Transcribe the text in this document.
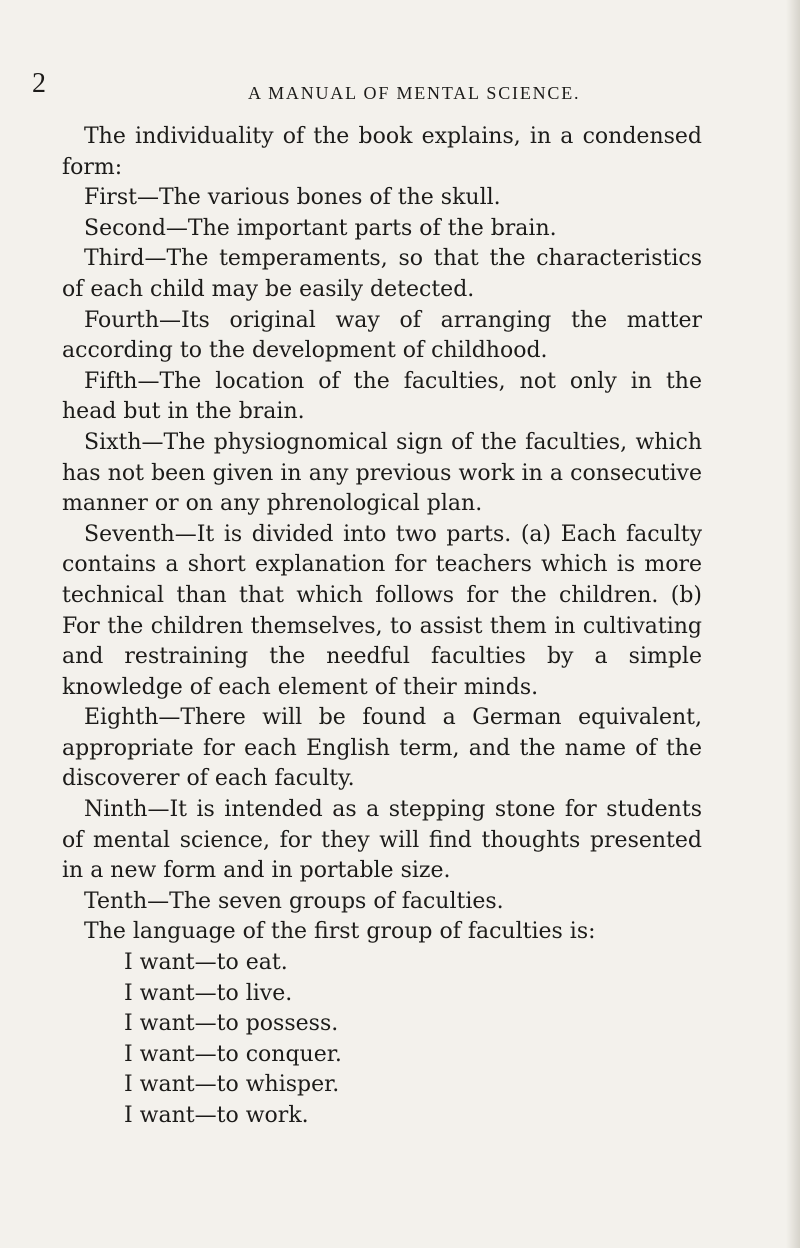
2	A MANUAL OF MENTAL SCIENCE.

The individuality of the book explains, in a condensed form:

First—The various bones of the skull.

Second—The important parts of the brain.

Third—The temperaments, so that the characteristics of each child may be easily detected.

Fourth—Its original way of arranging the matter according to the development of childhood.

Fifth—The location of the faculties, not only in the head but in the brain.

Sixth—The physiognomical sign of the faculties, which has not been given in any previous work in a consecutive manner or on any phrenological plan.

Seventh—It is divided into two parts. (a) Each faculty contains a short explanation for teachers which is more technical than that which follows for the children. (b) For the children themselves, to assist them in cultivating and restraining the needful faculties by a simple knowledge of each element of their minds.

Eighth—There will be found a German equivalent, appropriate for each English term, and the name of the discoverer of each faculty.

Ninth—It is intended as a stepping stone for students of mental science, for they will find thoughts presented in a new form and in portable size.

Tenth—The seven groups of faculties.

The language of the first group of faculties is:

I want—to eat.
I want—to live.
I want—to possess.
I want—to conquer.
I want—to whisper.
I want—to work.
